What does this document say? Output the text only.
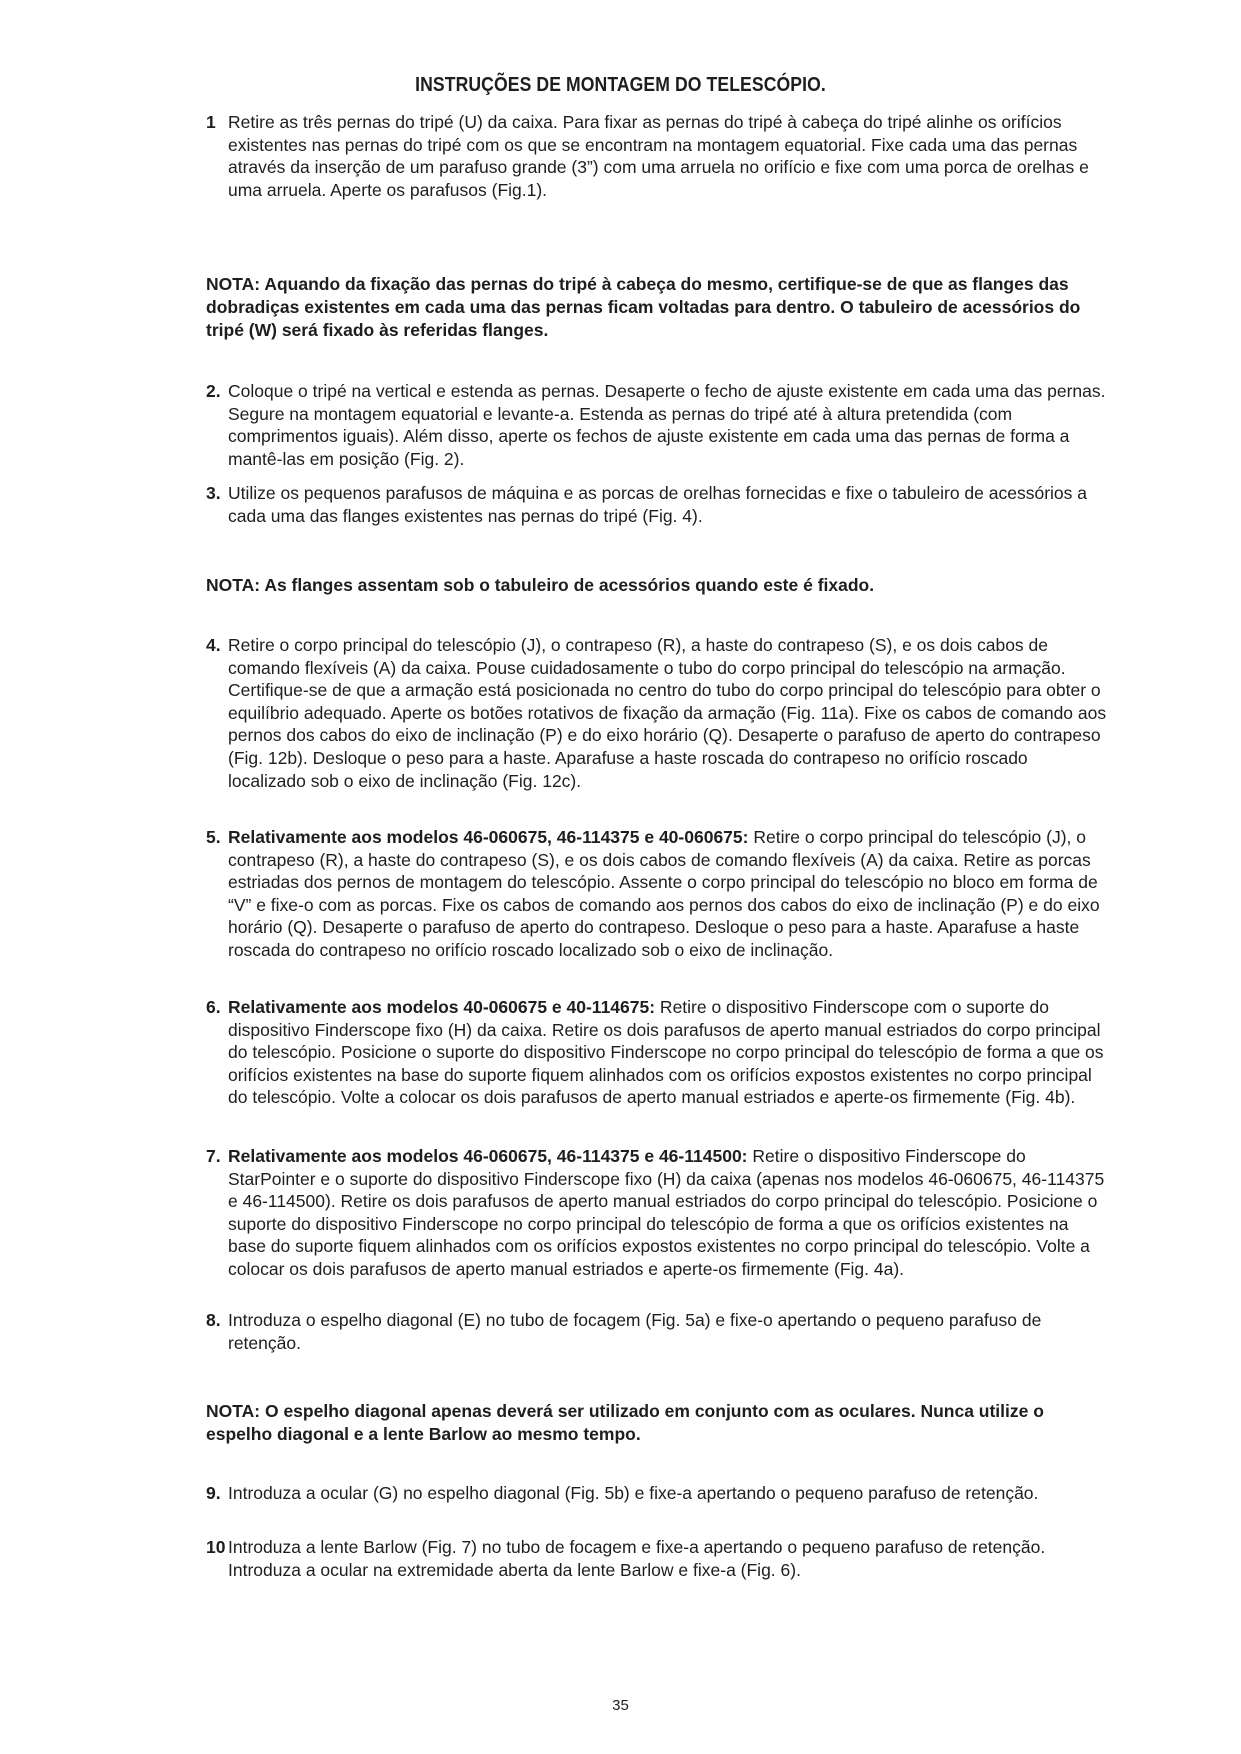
INSTRUÇÕES DE MONTAGEM DO TELESCÓPIO.

1 Retire as três pernas do tripé (U) da caixa. Para fixar as pernas do tripé à cabeça do tripé alinhe os orifícios existentes nas pernas do tripé com os que se encontram na montagem equatorial. Fixe cada uma das pernas através da inserção de um parafuso grande (3”) com uma arruela no orifício e fixe com uma porca de orelhas e uma arruela. Aperte os parafusos (Fig.1).

NOTA: Aquando da fixação das pernas do tripé à cabeça do mesmo, certifique-se de que as flanges das dobradiças existentes em cada uma das pernas ficam voltadas para dentro. O tabuleiro de acessórios do tripé (W) será fixado às referidas flanges.

2. Coloque o tripé na vertical e estenda as pernas. Desaperte o fecho de ajuste existente em cada uma das pernas. Segure na montagem equatorial e levante-a. Estenda as pernas do tripé até à altura pretendida (com comprimentos iguais). Além disso, aperte os fechos de ajuste existente em cada uma das pernas de forma a mantê-las em posição (Fig. 2).

3. Utilize os pequenos parafusos de máquina e as porcas de orelhas fornecidas e fixe o tabuleiro de acessórios a cada uma das flanges existentes nas pernas do tripé (Fig. 4).

NOTA: As flanges assentam sob o tabuleiro de acessórios quando este é fixado.

4. Retire o corpo principal do telescópio (J), o contrapeso (R), a haste do contrapeso (S), e os dois cabos de comando flexíveis (A) da caixa. Pouse cuidadosamente o tubo do corpo principal do telescópio na armação. Certifique-se de que a armação está posicionada no centro do tubo do corpo principal do telescópio para obter o equilíbrio adequado. Aperte os botões rotativos de fixação da armação (Fig. 11a). Fixe os cabos de comando aos pernos dos cabos do eixo de inclinação (P) e do eixo horário (Q). Desaperte o parafuso de aperto do contrapeso (Fig. 12b). Desloque o peso para a haste. Aparafuse a haste roscada do contrapeso no orifício roscado localizado sob o eixo de inclinação (Fig. 12c).

5. Relativamente aos modelos 46-060675, 46-114375 e 40-060675: Retire o corpo principal do telescópio (J), o contrapeso (R), a haste do contrapeso (S), e os dois cabos de comando flexíveis (A) da caixa. Retire as porcas estriadas dos pernos de montagem do telescópio. Assente o corpo principal do telescópio no bloco em forma de “V” e fixe-o com as porcas. Fixe os cabos de comando aos pernos dos cabos do eixo de inclinação (P) e do eixo horário (Q). Desaperte o parafuso de aperto do contrapeso. Desloque o peso para a haste. Aparafuse a haste roscada do contrapeso no orifício roscado localizado sob o eixo de inclinação.

6. Relativamente aos modelos 40-060675 e 40-114675: Retire o dispositivo Finderscope com o suporte do dispositivo Finderscope fixo (H) da caixa. Retire os dois parafusos de aperto manual estriados do corpo principal do telescópio. Posicione o suporte do dispositivo Finderscope no corpo principal do telescópio de forma a que os orifícios existentes na base do suporte fiquem alinhados com os orifícios expostos existentes no corpo principal do telescópio. Volte a colocar os dois parafusos de aperto manual estriados e aperte-os firmemente (Fig. 4b).

7. Relativamente aos modelos 46-060675, 46-114375 e 46-114500: Retire o dispositivo Finderscope do StarPointer e o suporte do dispositivo Finderscope fixo (H) da caixa (apenas nos modelos 46-060675, 46-114375 e 46-114500). Retire os dois parafusos de aperto manual estriados do corpo principal do telescópio. Posicione o suporte do dispositivo Finderscope no corpo principal do telescópio de forma a que os orifícios existentes na base do suporte fiquem alinhados com os orifícios expostos existentes no corpo principal do telescópio. Volte a colocar os dois parafusos de aperto manual estriados e aperte-os firmemente (Fig. 4a).

8. Introduza o espelho diagonal (E) no tubo de focagem (Fig. 5a) e fixe-o apertando o pequeno parafuso de retenção.

NOTA: O espelho diagonal apenas deverá ser utilizado em conjunto com as oculares. Nunca utilize o espelho diagonal e a lente Barlow ao mesmo tempo.

9. Introduza a ocular (G) no espelho diagonal (Fig. 5b) e fixe-a apertando o pequeno parafuso de retenção.

10 Introduza a lente Barlow (Fig. 7) no tubo de focagem e fixe-a apertando o pequeno parafuso de retenção. Introduza a ocular na extremidade aberta da lente Barlow e fixe-a (Fig. 6).

35
